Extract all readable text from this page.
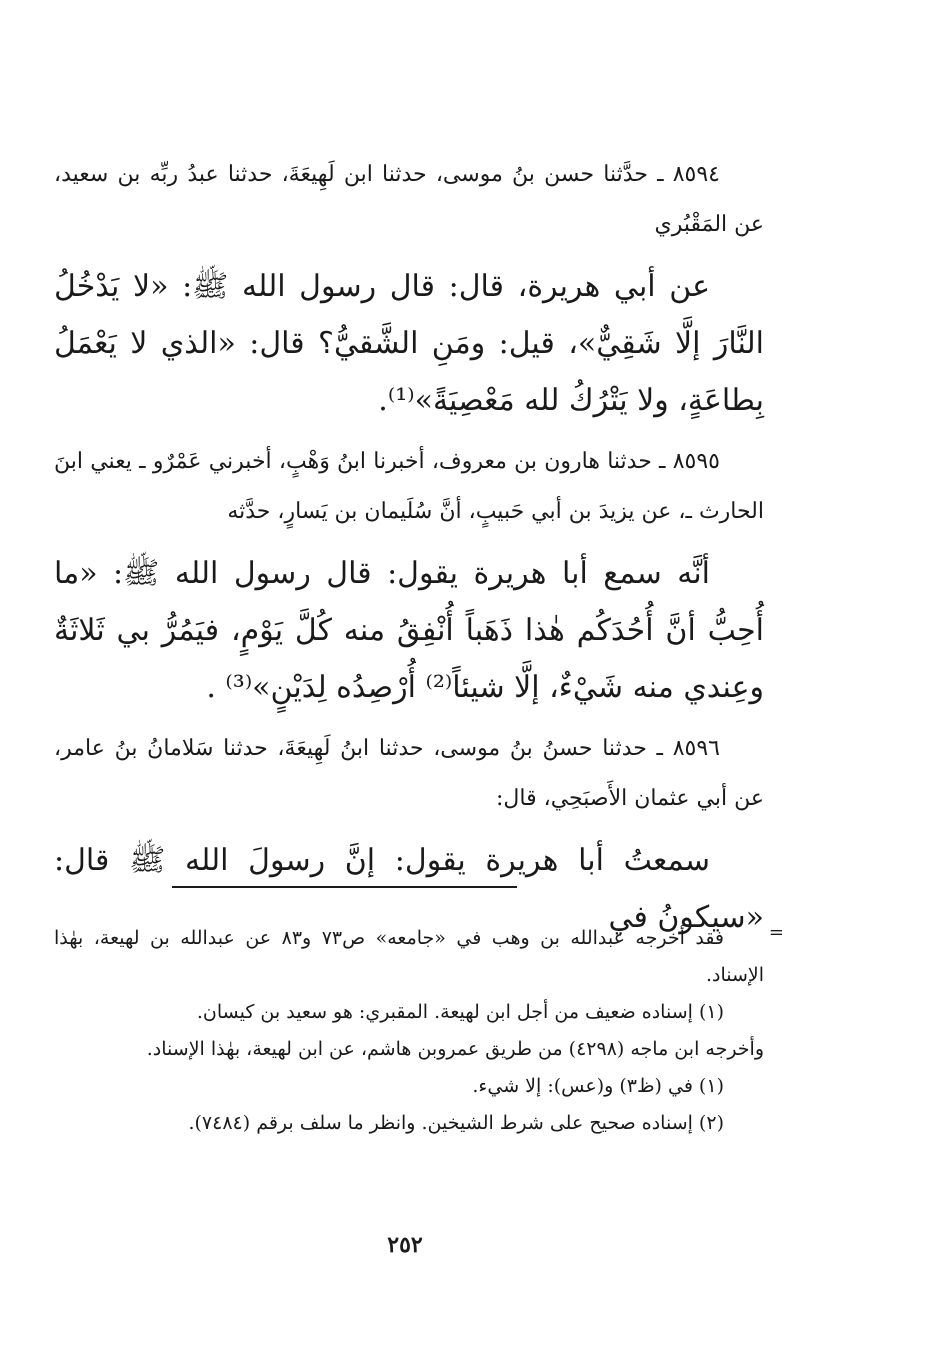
٨٥٩٤ ـ حدَّثنا حسن بنُ موسى، حدثنا ابن لَهِيعَةَ، حدثنا عبدُ ربِّه بن سعيد، عن المَقْبُري

عن أبي هريرة، قال: قال رسول الله ﷺ: «لا يَدْخُلُ النَّارَ إلَّا شَقِيٌّ»، قيل: ومَنِ الشَّقيُّ؟ قال: «الذي لا يَعْمَلُ بِطاعَةٍ، ولا يَتْرُكُ لله مَعْصِيَةً»⁽¹⁾.

٨٥٩٥ ـ حدثنا هارون بن معروف، أخبرنا ابنُ وَهْبٍ، أخبرني عَمْرٌو ـ يعني ابنَ الحارث ـ، عن يزيدَ بن أبي حَبيبٍ، أنَّ سُلَيمان بن يَسارٍ، حدَّثه

أنَّه سمع أبا هريرة يقول: قال رسول الله ﷺ: «ما أُحِبُّ أنَّ أُحُدَكُم هٰذا ذَهَباً أُنْفِقُ منه كُلَّ يَوْمٍ، فيَمُرُّ بي ثَلاثَةٌ وعِندي منه شَيْءٌ، إلَّا شيئاً⁽²⁾ أُرْصِدُه لِدَيْنٍ»⁽³⁾ .

٨٥٩٦ ـ حدثنا حسنُ بنُ موسى، حدثنا ابنُ لَهِيعَةَ، حدثنا سَلامانُ بنُ عامر، عن أبي عثمان الأَصبَحِي، قال:

سمعتُ أبا هريرة يقول: إنَّ رسولَ الله ﷺ قال: «سيكونُ في =

فقد أخرجه عبدالله بن وهب في «جامعه» ص٧٣ و٨٣ عن عبدالله بن لهيعة، بهٰذا الإسناد.

(١) إسناده ضعيف من أجل ابن لهيعة. المقبري: هو سعيد بن كيسان.

وأخرجه ابن ماجه (٤٢٩٨) من طريق عمروبن هاشم، عن ابن لهيعة، بهٰذا الإسناد.

(١) في (ظ٣) و(عس): إلا شيء.

(٢) إسناده صحيح على شرط الشيخين. وانظر ما سلف برقم (٧٤٨٤).

٢٥٢
